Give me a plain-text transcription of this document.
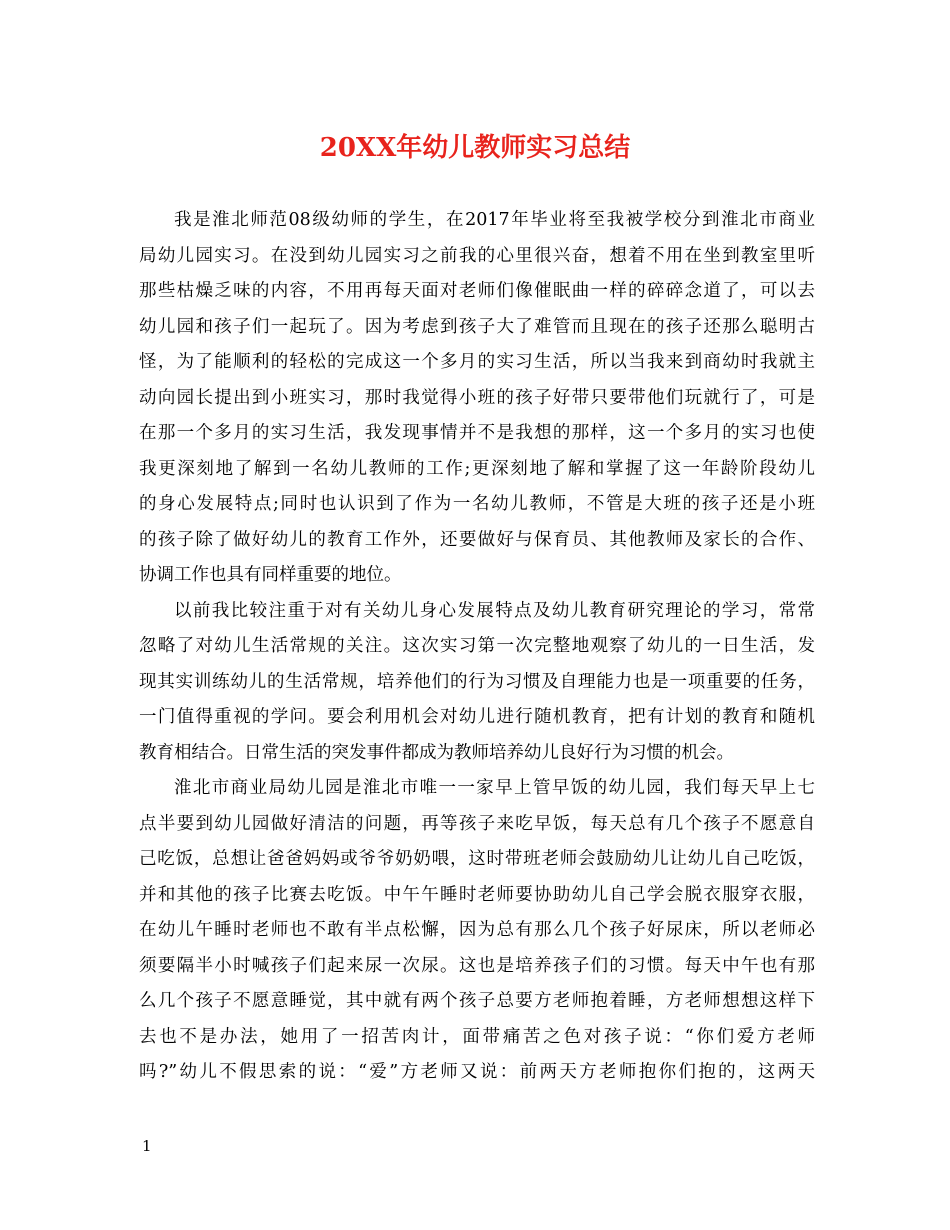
20XX年幼儿教师实习总结
我是淮北师范08级幼师的学生，在2017年毕业将至我被学校分到淮北市商业
局幼儿园实习。在没到幼儿园实习之前我的心里很兴奋，想着不用在坐到教室里听
那些枯燥乏味的内容，不用再每天面对老师们像催眠曲一样的碎碎念道了，可以去
幼儿园和孩子们一起玩了。因为考虑到孩子大了难管而且现在的孩子还那么聪明古
怪，为了能顺利的轻松的完成这一个多月的实习生活，所以当我来到商幼时我就主
动向园长提出到小班实习，那时我觉得小班的孩子好带只要带他们玩就行了，可是
在那一个多月的实习生活，我发现事情并不是我想的那样，这一个多月的实习也使
我更深刻地了解到一名幼儿教师的工作;更深刻地了解和掌握了这一年龄阶段幼儿
的身心发展特点;同时也认识到了作为一名幼儿教师，不管是大班的孩子还是小班
的孩子除了做好幼儿的教育工作外，还要做好与保育员、其他教师及家长的合作、
协调工作也具有同样重要的地位。
以前我比较注重于对有关幼儿身心发展特点及幼儿教育研究理论的学习，常常
忽略了对幼儿生活常规的关注。这次实习第一次完整地观察了幼儿的一日生活，发
现其实训练幼儿的生活常规，培养他们的行为习惯及自理能力也是一项重要的任务，
一门值得重视的学问。要会利用机会对幼儿进行随机教育，把有计划的教育和随机
教育相结合。日常生活的突发事件都成为教师培养幼儿良好行为习惯的机会。
淮北市商业局幼儿园是淮北市唯一一家早上管早饭的幼儿园，我们每天早上七
点半要到幼儿园做好清洁的问题，再等孩子来吃早饭，每天总有几个孩子不愿意自
己吃饭，总想让爸爸妈妈或爷爷奶奶喂，这时带班老师会鼓励幼儿让幼儿自己吃饭，
并和其他的孩子比赛去吃饭。中午午睡时老师要协助幼儿自己学会脱衣服穿衣服，
在幼儿午睡时老师也不敢有半点松懈，因为总有那么几个孩子好尿床，所以老师必
须要隔半小时喊孩子们起来尿一次尿。这也是培养孩子们的习惯。每天中午也有那
么几个孩子不愿意睡觉，其中就有两个孩子总要方老师抱着睡，方老师想想这样下
去也不是办法，她用了一招苦肉计，面带痛苦之色对孩子说：“你们爱方老师
吗?”幼儿不假思索的说：“爱”方老师又说：前两天方老师抱你们抱的，这两天
1
